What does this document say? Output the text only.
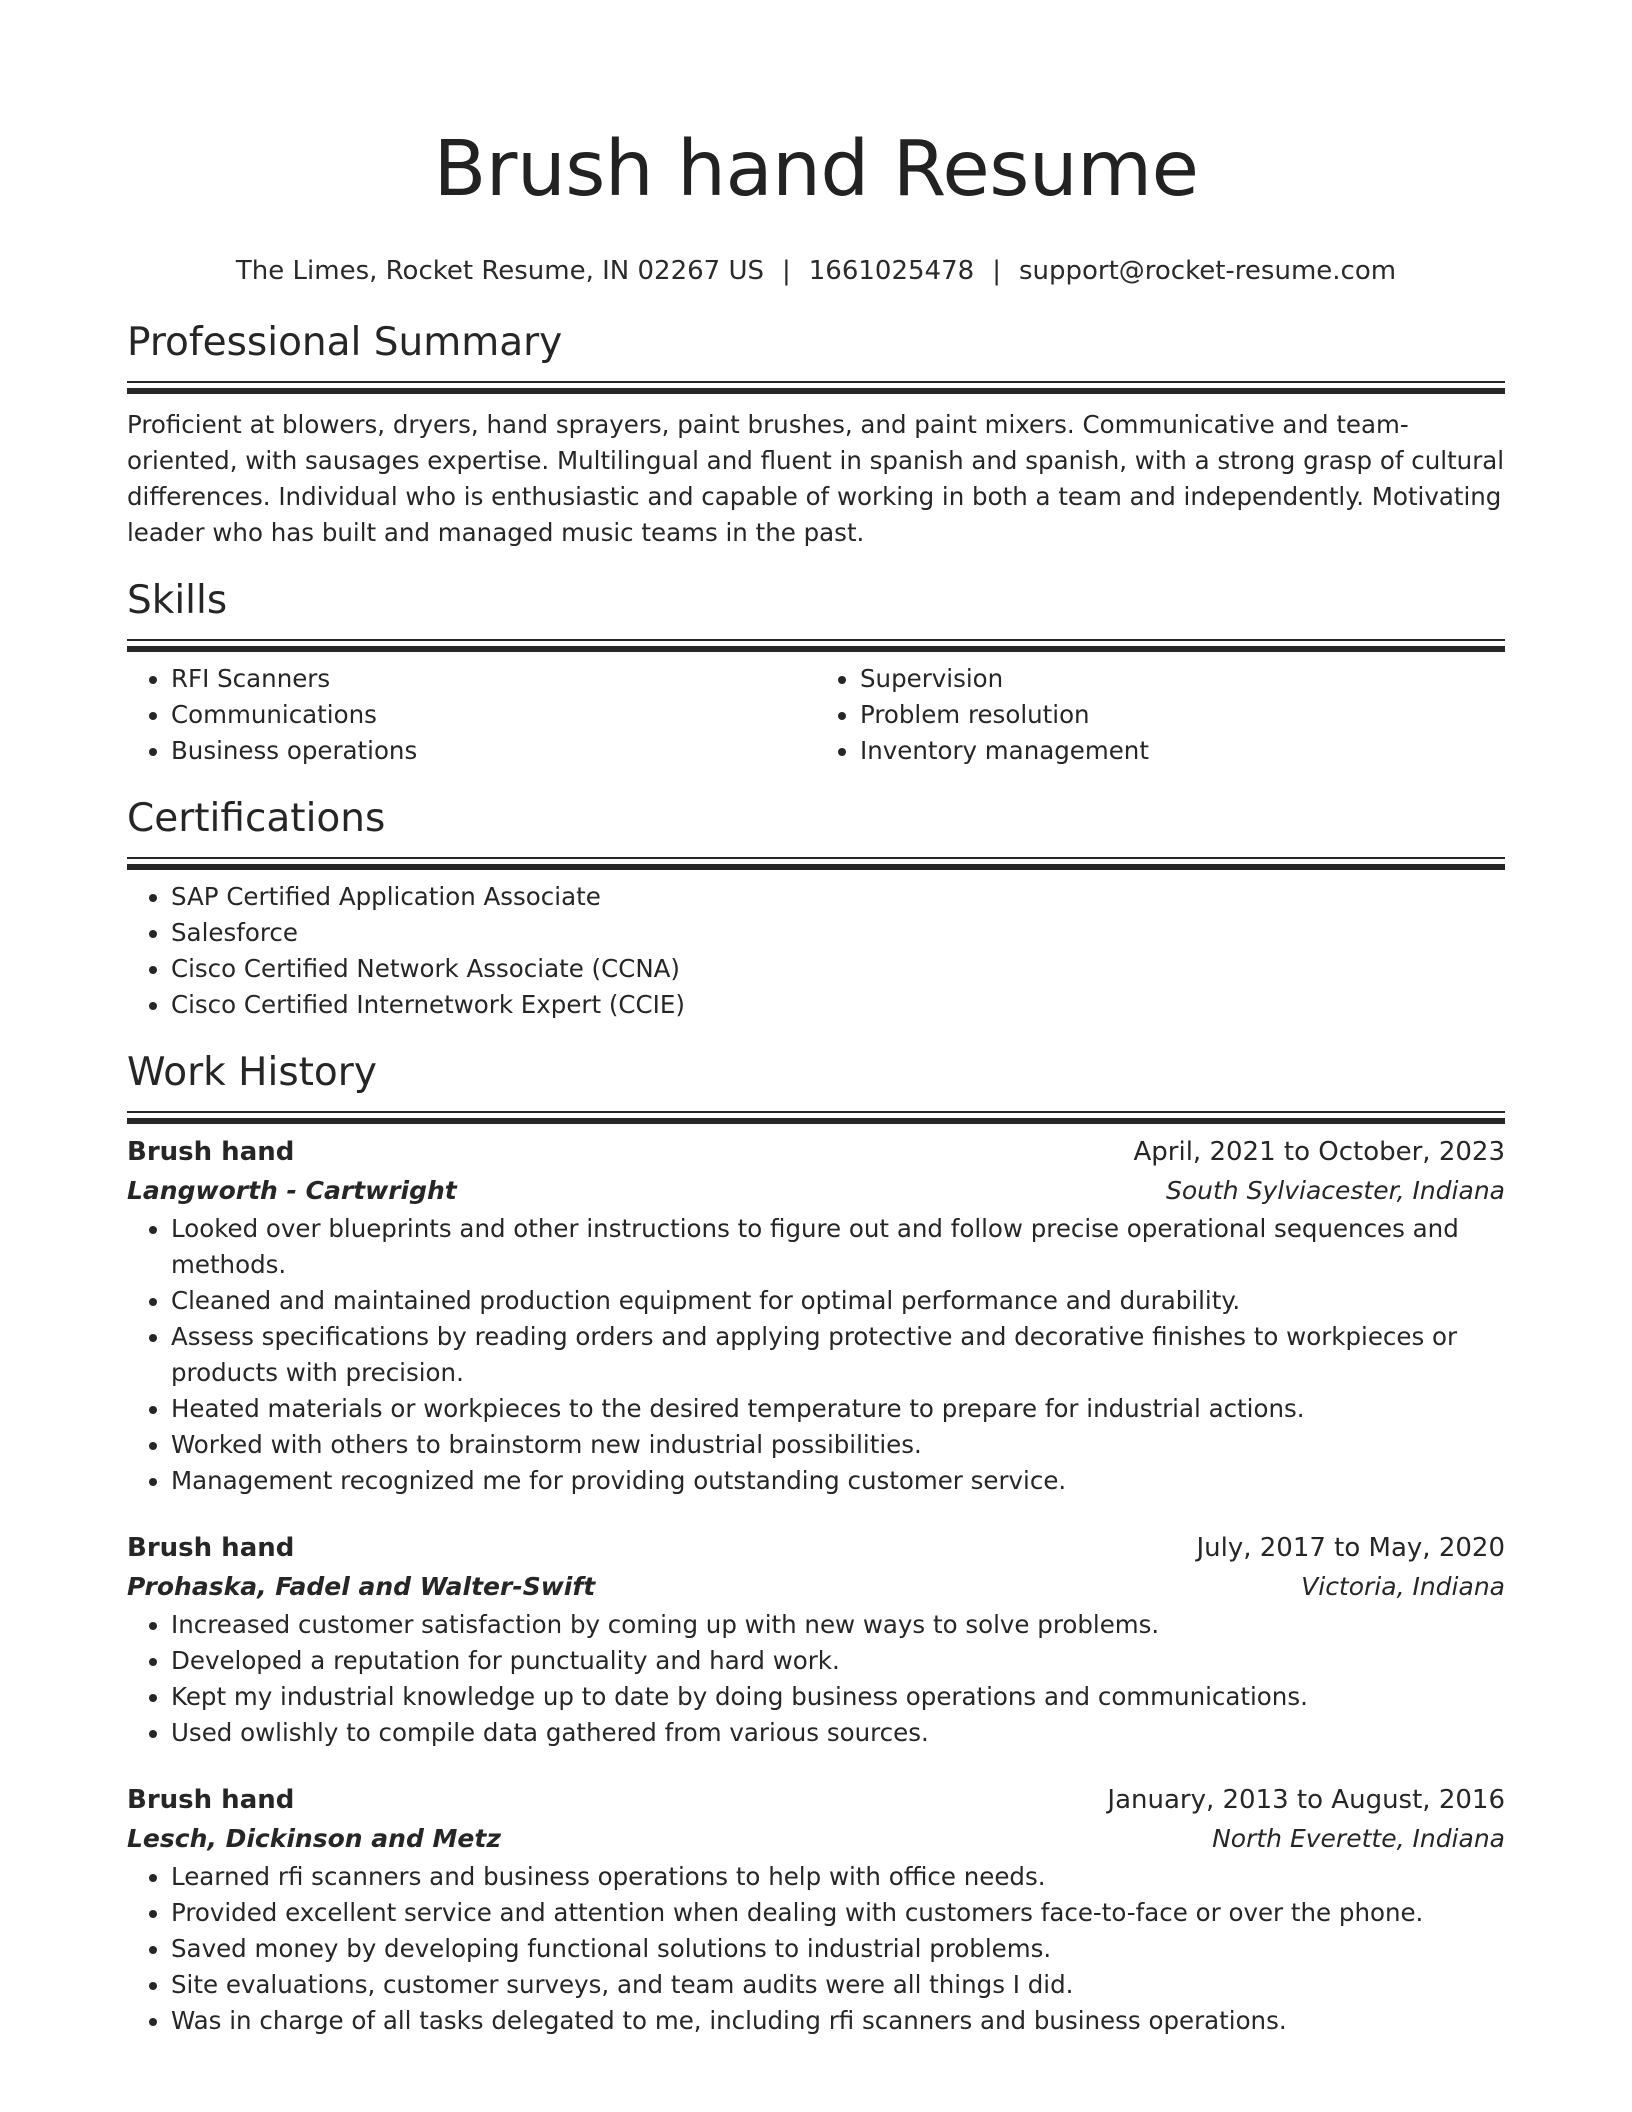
Brush hand Resume
The Limes, Rocket Resume, IN 02267 US | 1661025478 | support@rocket-resume.com
Professional Summary

Proficient at blowers, dryers, hand sprayers, paint brushes, and paint mixers. Communicative and team-oriented, with sausages expertise. Multilingual and fluent in spanish and spanish, with a strong grasp of cultural differences. Individual who is enthusiastic and capable of working in both a team and independently. Motivating leader who has built and managed music teams in the past.

Skills
• RFI Scanners
• Communications
• Business operations
• Supervision
• Problem resolution
• Inventory management
Certifications
• SAP Certified Application Associate
• Salesforce
• Cisco Certified Network Associate (CCNA)
• Cisco Certified Internetwork Expert (CCIE)
Work History
Brush hand	April, 2021 to October, 2023
Langworth - Cartwright	South Sylviacester, Indiana
• Looked over blueprints and other instructions to figure out and follow precise operational sequences and methods.
• Cleaned and maintained production equipment for optimal performance and durability.
• Assess specifications by reading orders and applying protective and decorative finishes to workpieces or products with precision.
• Heated materials or workpieces to the desired temperature to prepare for industrial actions.
• Worked with others to brainstorm new industrial possibilities.
• Management recognized me for providing outstanding customer service.
Brush hand	July, 2017 to May, 2020
Prohaska, Fadel and Walter-Swift	Victoria, Indiana
• Increased customer satisfaction by coming up with new ways to solve problems.
• Developed a reputation for punctuality and hard work.
• Kept my industrial knowledge up to date by doing business operations and communications.
• Used owlishly to compile data gathered from various sources.
Brush hand	January, 2013 to August, 2016
Lesch, Dickinson and Metz	North Everette, Indiana
• Learned rfi scanners and business operations to help with office needs.
• Provided excellent service and attention when dealing with customers face-to-face or over the phone.
• Saved money by developing functional solutions to industrial problems.
• Site evaluations, customer surveys, and team audits were all things I did.
• Was in charge of all tasks delegated to me, including rfi scanners and business operations.
